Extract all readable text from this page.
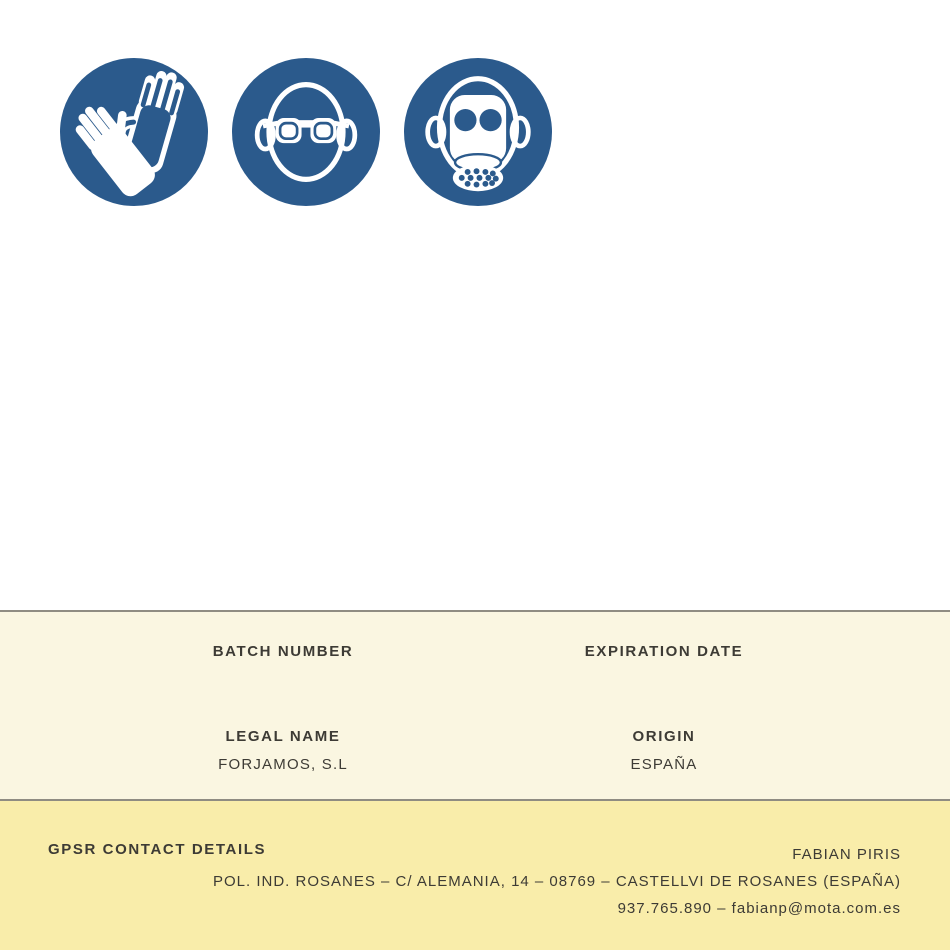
BATCH NUMBER	EXPIRATION DATE
LEGAL NAME
FORJAMOS, S.L
ORIGIN
ESPAÑA
GPSR CONTACT DETAILS	FABIAN PIRIS
POL. IND. ROSANES – C/ ALEMANIA, 14 – 08769 – CASTELLVI DE ROSANES (ESPAÑA)
937.765.890 – fabianp@mota.com.es
